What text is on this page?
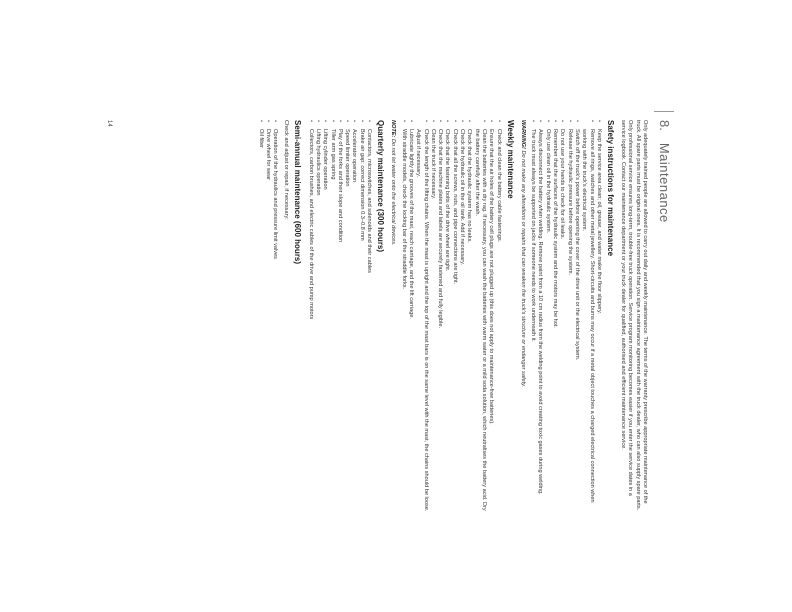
8.
Maintenance

Only adequately trained people are allowed to carry out daily and weekly maintenance. The terms of the warranty prescribe appropriate maintenance of the truck. All spare parts must be original ones. It is recommended that you sign a maintenance agreement with the truck dealer, who can also supply spare parts. Only professional service ensures long-term, trouble-free truck operation. Service program monitoring becomes easier if you enter the service dates in a service logbook. Contact our maintenance department or your truck dealer for qualified, authorised and efficient maintenance service.

Safety instructions for maintenance
• Keep the service area clean; oil, grease, and water make the floor slippery.
• Remove all rings, watches and other metal jewellery. Short-circuits and burns may occur if a metal object touches a charged electrical connection when working with the truck's electrical system.
• Switch off the truck's power before opening the cover of the drive unit or the electrical system.
• Release the hydraulic pressure before opening the system.
• Do not use your hands to check for oil leaks.
• Remember that the surfaces of the hydraulic system and the motors may be hot.
• Only use clean oil in the hydraulic system.
• Always disconnect the battery when welding. Remove paint from a 10 cm radius from the welding point to avoid creating toxic gases during welding.
• The truck must always be supported on jacks if someone needs to work underneath it.

WARNING! Do not make any alterations or repairs that can weaken the truck's structure or endanger safety.

Weekly maintenance
• Check and clean the battery cable fastenings.
• Ensure that the air holes of the battery cell plugs are not plugged up (this does not apply to maintenance-free batteries).
• Clean the batteries with a dry rag. If necessary, you can wash the batteries with warm water or a mild soda solution, which neutralises the battery acid. Dry the battery carefully after the wash.
• Check that the hydraulic system has no leaks.
• Check the hydraulic oil in the oil tank. Add if necessary.
• Check that all the screws, nuts, and pipe connections are tight.
• Check that the fastening bolts of the drive wheel are tight.
• Check that the machine plates and labels are securely fastened and fully legible.
• Clean the truck if necessary.
• Check the length of the lifting chains. When the mast is upright and the top of the mast bars is on the same level with the mast, the chains should be loose. Adjust if necessary.
• Lubricate lightly the grooves of the mast, reach carriage, and the lift carriage.
• With straddle models, check the locking bar of the straddle forks.

NOTE: Do not let water onto the electrical devices.

Quarterly maintenance (300 hours)
• Contactors, microswitches, and solenoids and their cables
• Brake air gap: correct dimension 0.3–0.8 mm
• Accelerator operation
• Speed limiter operation
• Play of the forks and their slope and condition
• Tiller arm gas spring
• Lifting cylinder operation
• Lifting hydraulics operation
• Collectors, carbon brushes, and electric cables of the drive and pump motors
Semi-annual maintenance (600 hours)

Check and adjust or repair, if necessary:

• Operation of the hydraulics and pressure limit valves
• Drive wheel for wear
• Oil filter
14
